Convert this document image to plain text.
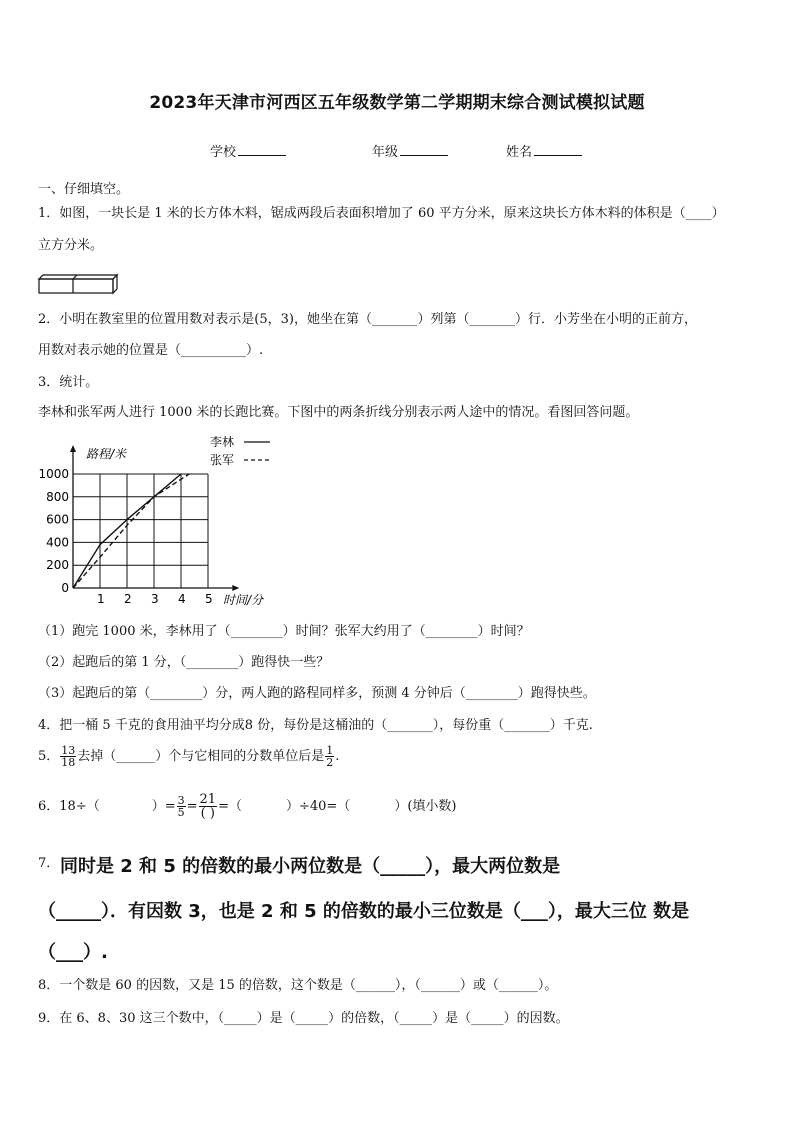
2023年天津市河西区五年级数学第二学期期末综合测试模拟试题
学校	年级	姓名
一、仔细填空。
1．如图，一块长是 1 米的长方体木料，锯成两段后表面积增加了 60 平方分米，原来这块长方体木料的体积是（____）
立方分米。
2．小明在教室里的位置用数对表示是(5，3)，她坐在第（_______）列第（_______）行．小芳坐在小明的正前方，
用数对表示她的位置是（__________）.
3．统计。
李林和张军两人进行 1000 米的长跑比赛。下图中的两条折线分别表示两人途中的情况。看图回答问题。
1 2 3 4 5
0
200
400
600
800
1000
路程/米
时间/分
李林
张军
（1）跑完 1000 米，李林用了（________）时间？张军大约用了（________）时间？
（2）起跑后的第 1 分，（________）跑得快一些？
（3）起跑后的第（________）分，两人跑的路程同样多，预测 4 分钟后（________）跑得快些。
4．把一桶 5 千克的食用油平均分成8 份，每份是这桶油的（_______），每份重（_______）千克.
5． $\frac{13}{18}$ 去掉（______）个与它相同的分数单位后是 $\frac{1}{2}$ .
6．18÷（	）= $\frac{3}{5} = \frac{21}{( )}$ =（	）÷40=（	）(填小数)
7． 同时是 2 和 5 的倍数的最小两位数是（_____），最大两位数是
（_____）．有因数 3，也是 2 和 5 的倍数的最小三位数是（___），最大三位 数是
（___）.
8．一个数是 60 的因数，又是 15 的倍数，这个数是（______），（______）或（______）。
9．在 6、8、30 这三个数中，（_____）是（_____）的倍数，（_____）是（_____）的因数。
